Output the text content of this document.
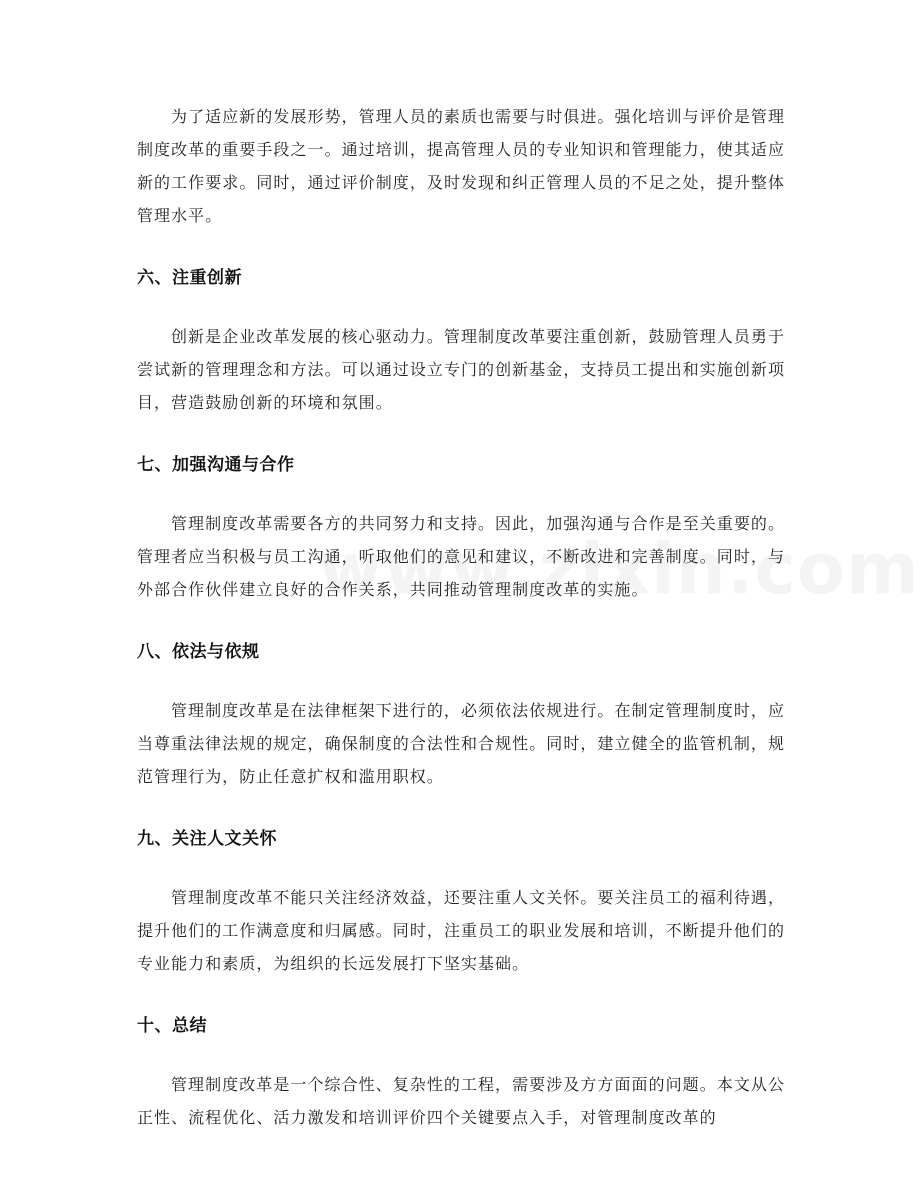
为了适应新的发展形势，管理人员的素质也需要与时俱进。强化培训与评价是管理制度改革的重要手段之一。通过培训，提高管理人员的专业知识和管理能力，使其适应新的工作要求。同时，通过评价制度，及时发现和纠正管理人员的不足之处，提升整体管理水平。

六、注重创新

创新是企业改革发展的核心驱动力。管理制度改革要注重创新，鼓励管理人员勇于尝试新的管理理念和方法。可以通过设立专门的创新基金，支持员工提出和实施创新项目，营造鼓励创新的环境和氛围。

七、加强沟通与合作

管理制度改革需要各方的共同努力和支持。因此，加强沟通与合作是至关重要的。管理者应当积极与员工沟通，听取他们的意见和建议，不断改进和完善制度。同时，与外部合作伙伴建立良好的合作关系，共同推动管理制度改革的实施。

八、依法与依规

管理制度改革是在法律框架下进行的，必须依法依规进行。在制定管理制度时，应当尊重法律法规的规定，确保制度的合法性和合规性。同时，建立健全的监管机制，规范管理行为，防止任意扩权和滥用职权。

九、关注人文关怀

管理制度改革不能只关注经济效益，还要注重人文关怀。要关注员工的福利待遇，提升他们的工作满意度和归属感。同时，注重员工的职业发展和培训，不断提升他们的专业能力和素质，为组织的长远发展打下坚实基础。

十、总结

管理制度改革是一个综合性、复杂性的工程，需要涉及方方面面的问题。本文从公正性、流程优化、活力激发和培训评价四个关键要点入手，对管理制度改革的
